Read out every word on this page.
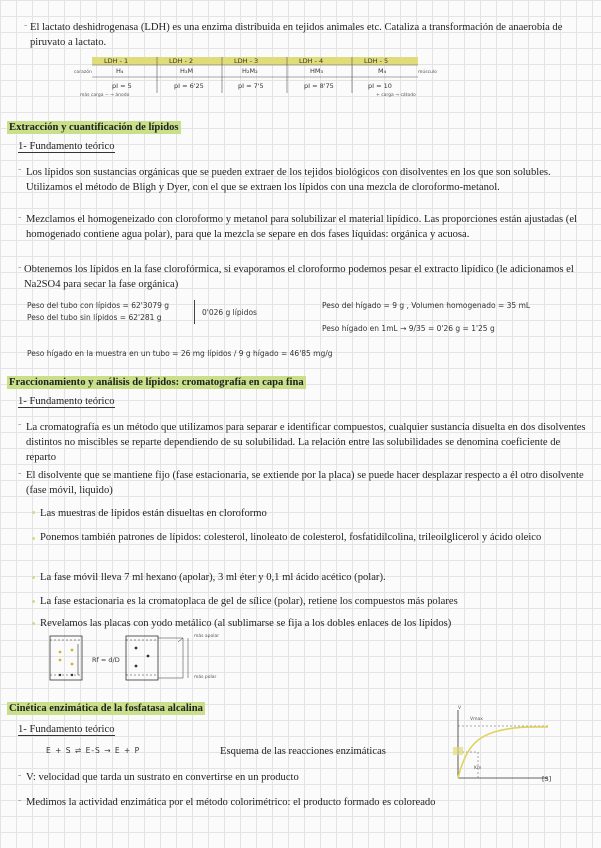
- El lactato deshidrogenasa (LDH) es una enzima distribuida en tejidos animales etc. Cataliza a transformación de anaerobia de piruvato a lactato.
LDH - 1	LDH - 2	LDH - 3	LDH - 4	LDH - 5
H₄	H₃M	H₂M₂	HM₃	M₄
pI = 5	pI = 6'25	pI = 7'5	pI = 8'75	pI = 10
corazón	músculo
más carga − → ánodo	+ carga → cátodo
Extracción y cuantificación de lípidos
1- Fundamento teórico
- Los lípidos son sustancias orgánicas que se pueden extraer de los tejidos biológicos con disolventes en los que son solubles. Utilizamos el método de Bligh y Dyer, con el que se extraen los lípidos con una mezcla de cloroformo-metanol.
- Mezclamos el homogeneizado con cloroformo y metanol para solubilizar el material lipídico. Las proporciones están ajustadas (el homogenado contiene agua polar), para que la mezcla se separe en dos fases líquidas: orgánica y acuosa.
- Obtenemos los lípidos en la fase clorofórmica, si evaporamos el cloroformo podemos pesar el extracto lipídico (le adicionamos el Na2SO4 para secar la fase orgánica)
Peso del tubo con lípidos = 62'3079 g
Peso del tubo sin lípidos = 62'281 g
0'026 g lípidos
Peso del hígado = 9 g , Volumen homogenado = 35 mL
Peso hígado en 1mL → 9/35 = 0'26 g = 1'25 g
Peso hígado en la muestra en un tubo = 26 mg lípidos / 9 g hígado = 46'85 mg/g
Fraccionamiento y análisis de lípidos: cromatografía en capa fina
1- Fundamento teórico
- La cromatografía es un método que utilizamos para separar e identificar compuestos, cualquier sustancia disuelta en dos disolventes distintos no miscibles se reparte dependiendo de su solubilidad. La relación entre las solubilidades se denomina coeficiente de reparto
- El disolvente que se mantiene fijo (fase estacionaria, se extiende por la placa) se puede hacer desplazar respecto a él otro disolvente (fase móvil, liquido)
Las muestras de lípidos están disueltas en cloroformo
Ponemos también patrones de lípidos: colesterol, linoleato de colesterol, fosfatidilcolina, trileoilglicerol y ácido oleico
La fase móvil lleva 7 ml hexano (apolar), 3 ml éter y 0,1 ml ácido acético (polar).
La fase estacionaria es la cromatoplaca de gel de sílice (polar), retiene los compuestos más polares
Revelamos las placas con yodo metálico (al sublimarse se fija a los dobles enlaces de los lípidos)
Rf = d/D
más apolar
más polar
Cinética enzimática de la fosfatasa alcalina
1- Fundamento teórico
E + S ⇌ E-S → E + P	Esquema de las reacciones enzimáticas
- V: velocidad que tarda un sustrato en convertirse en un producto
- Medimos la actividad enzimática por el método colorimétrico: el producto formado es coloreado
V
Vmax
Km
[S]
